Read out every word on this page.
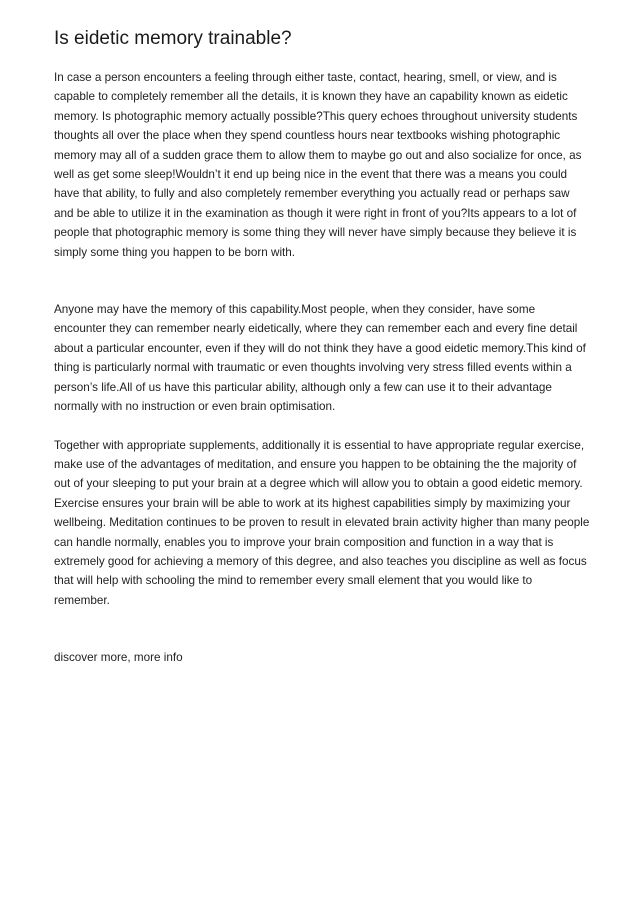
Is eidetic memory trainable?

In case a person encounters a feeling through either taste, contact, hearing, smell, or view, and is capable to completely remember all the details, it is known they have an capability known as eidetic memory. Is photographic memory actually possible?This query echoes throughout university students thoughts all over the place when they spend countless hours near textbooks wishing photographic memory may all of a sudden grace them to allow them to maybe go out and also socialize for once, as well as get some sleep!Wouldn’t it end up being nice in the event that there was a means you could have that ability, to fully and also completely remember everything you actually read or perhaps saw and be able to utilize it in the examination as though it were right in front of you?Its appears to a lot of people that photographic memory is some thing they will never have simply because they believe it is simply some thing you happen to be born with.

Anyone may have the memory of this capability.Most people, when they consider, have some encounter they can remember nearly eidetically, where they can remember each and every fine detail about a particular encounter, even if they will do not think they have a good eidetic memory.This kind of thing is particularly normal with traumatic or even thoughts involving very stress filled events within a person’s life.All of us have this particular ability, although only a few can use it to their advantage normally with no instruction or even brain optimisation.

Together with appropriate supplements, additionally it is essential to have appropriate regular exercise, make use of the advantages of meditation, and ensure you happen to be obtaining the the majority of out of your sleeping to put your brain at a degree which will allow you to obtain a good eidetic memory. Exercise ensures your brain will be able to work at its highest capabilities simply by maximizing your wellbeing. Meditation continues to be proven to result in elevated brain activity higher than many people can handle normally, enables you to improve your brain composition and function in a way that is extremely good for achieving a memory of this degree, and also teaches you discipline as well as focus that will help with schooling the mind to remember every small element that you would like to remember.

discover more, more info
